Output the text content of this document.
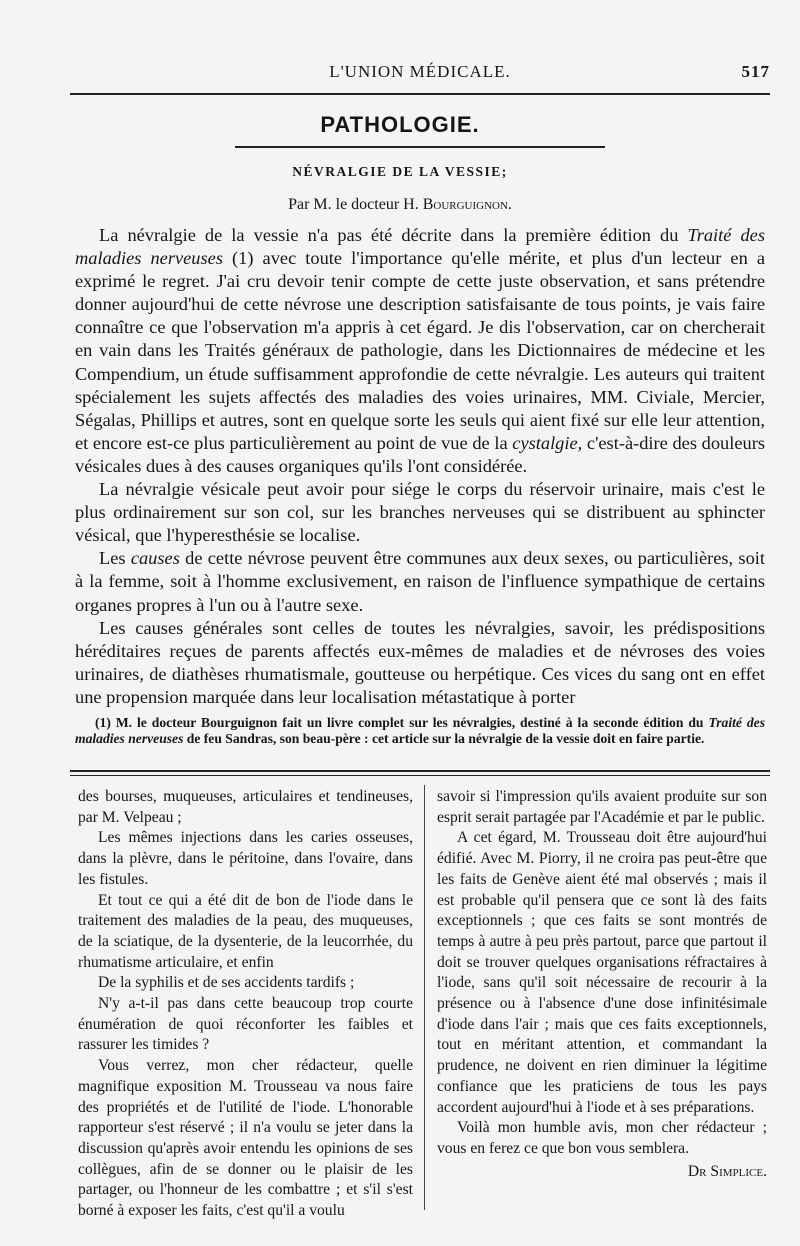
L'UNION MÉDICALE.	517
PATHOLOGIE.
NÉVRALGIE DE LA VESSIE;
Par M. le docteur H. Bourguignon.

La névralgie de la vessie n'a pas été décrite dans la première édition du Traité des maladies nerveuses (1) avec toute l'importance qu'elle mérite, et plus d'un lecteur en a exprimé le regret. J'ai cru devoir tenir compte de cette juste observation, et sans prétendre donner aujourd'hui de cette névrose une description satisfaisante de tous points, je vais faire connaître ce que l'observation m'a appris à cet égard. Je dis l'observation, car on chercherait en vain dans les Traités généraux de pathologie, dans les Dictionnaires de médecine et les Compendium, un étude suffisamment approfondie de cette névralgie. Les auteurs qui traitent spécialement les sujets affectés des maladies des voies urinaires, MM. Civiale, Mercier, Ségalas, Phillips et autres, sont en quelque sorte les seuls qui aient fixé sur elle leur attention, et encore est-ce plus particulièrement au point de vue de la cystalgie, c'est-à-dire des douleurs vésicales dues à des causes organiques qu'ils l'ont considérée.

La névralgie vésicale peut avoir pour siége le corps du réservoir urinaire, mais c'est le plus ordinairement sur son col, sur les branches nerveuses qui se distribuent au sphincter vésical, que l'hyperesthésie se localise.

Les causes de cette névrose peuvent être communes aux deux sexes, ou particulières, soit à la femme, soit à l'homme exclusivement, en raison de l'influence sympathique de certains organes propres à l'un ou à l'autre sexe.

Les causes générales sont celles de toutes les névralgies, savoir, les prédispositions héréditaires reçues de parents affectés eux-mêmes de maladies et de névroses des voies urinaires, de diathèses rhumatismale, goutteuse ou herpétique. Ces vices du sang ont en effet une propension marquée dans leur localisation métastatique à porter

(1) M. le docteur Bourguignon fait un livre complet sur les névralgies, destiné à la seconde édition du Traité des maladies nerveuses de feu Sandras, son beau-père : cet article sur la névralgie de la vessie doit en faire partie.

des bourses, muqueuses, articulaires et tendineuses, par M. Velpeau ;

Les mêmes injections dans les caries osseuses, dans la plèvre, dans le péritoine, dans l'ovaire, dans les fistules.

Et tout ce qui a été dit de bon de l'iode dans le traitement des maladies de la peau, des muqueuses, de la sciatique, de la dysenterie, de la leucorrhée, du rhumatisme articulaire, et enfin

De la syphilis et de ses accidents tardifs ;

N'y a-t-il pas dans cette beaucoup trop courte énumération de quoi réconforter les faibles et rassurer les timides ?

Vous verrez, mon cher rédacteur, quelle magnifique exposition M. Trousseau va nous faire des propriétés et de l'utilité de l'iode. L'honorable rapporteur s'est réservé ; il n'a voulu se jeter dans la discussion qu'après avoir entendu les opinions de ses collègues, afin de se donner ou le plaisir de les partager, ou l'honneur de les combattre ; et s'il s'est borné à exposer les faits, c'est qu'il a voulu

savoir si l'impression qu'ils avaient produite sur son esprit serait partagée par l'Académie et par le public.

A cet égard, M. Trousseau doit être aujourd'hui édifié. Avec M. Piorry, il ne croira pas peut-être que les faits de Genève aient été mal observés ; mais il est probable qu'il pensera que ce sont là des faits exceptionnels ; que ces faits se sont montrés de temps à autre à peu près partout, parce que partout il doit se trouver quelques organisations réfractaires à l'iode, sans qu'il soit nécessaire de recourir à la présence ou à l'absence d'une dose infinitésimale d'iode dans l'air ; mais que ces faits exceptionnels, tout en méritant attention, et commandant la prudence, ne doivent en rien diminuer la légitime confiance que les praticiens de tous les pays accordent aujourd'hui à l'iode et à ses préparations.

Voilà mon humble avis, mon cher rédacteur ; vous en ferez ce que bon vous semblera.

Dr Simplice.
